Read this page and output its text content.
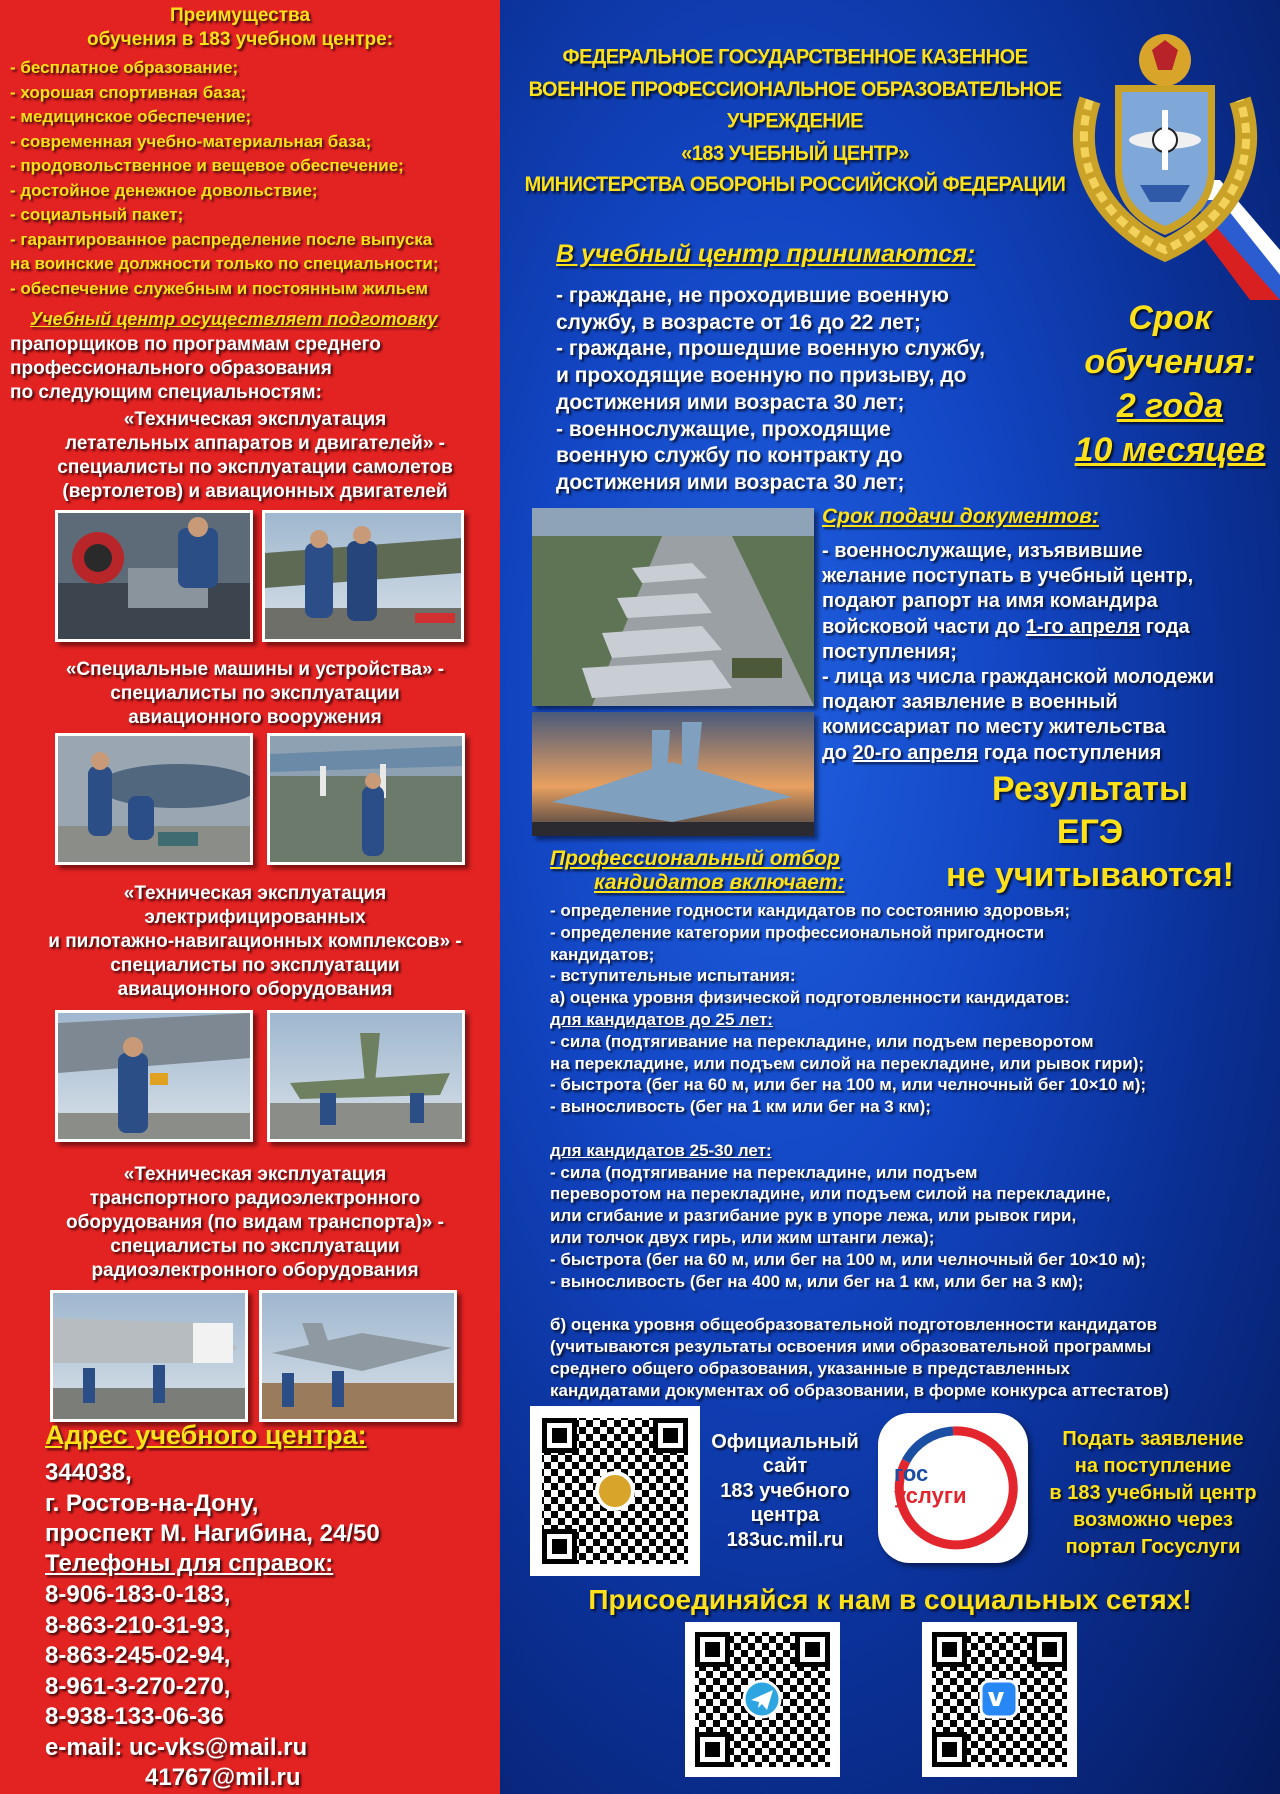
Преимущества
обучения в 183 учебном центре:
- бесплатное образование;
- хорошая спортивная база;
- медицинское обеспечение;
- современная учебно-материальная база;
- продовольственное и вещевое обеспечение;
- достойное денежное довольствие;
- социальный пакет;
- гарантированное распределение после выпуска
на воинские должности только по специальности;
- обеспечение служебным и постоянным жильем
Учебный центр осуществляет подготовку
прапорщиков по программам среднего
профессионального образования
по следующим специальностям:
«Техническая эксплуатация
летательных аппаратов и двигателей» -
специалисты по эксплуатации самолетов
(вертолетов) и авиационных двигателей
«Специальные машины и устройства» -
специалисты по эксплуатации
авиационного вооружения
«Техническая эксплуатация
электрифицированных
и пилотажно-навигационных комплексов» -
специалисты по эксплуатации
авиационного оборудования
«Техническая эксплуатация
транспортного радиоэлектронного
оборудования (по видам транспорта)» -
специалисты по эксплуатации
радиоэлектронного оборудования
Адрес учебного центра:
344038,
г. Ростов-на-Дону,
проспект М. Нагибина, 24/50
Телефоны для справок:
8-906-183-0-183,
8-863-210-31-93,
8-863-245-02-94,
8-961-3-270-270,
8-938-133-06-36
e-mail: uc-vks@mail.ru
41767@mil.ru
ФЕДЕРАЛЬНОЕ ГОСУДАРСТВЕННОЕ КАЗЕННОЕ
ВОЕННОЕ ПРОФЕССИОНАЛЬНОЕ ОБРАЗОВАТЕЛЬНОЕ УЧРЕЖДЕНИЕ
«183 УЧЕБНЫЙ ЦЕНТР»
МИНИСТЕРСТВА ОБОРОНЫ РОССИЙСКОЙ ФЕДЕРАЦИИ
В учебный центр принимаются:
- граждане, не проходившие военную
службу, в возрасте от 16 до 22 лет;
- граждане, прошедшие военную службу,
и проходящие военную по призыву, до
достижения ими возраста 30 лет;
- военнослужащие, проходящие
военную службу по контракту до
достижения ими возраста 30 лет;
Срок
обучения:
2 года
10 месяцев
Срок подачи документов:
- военнослужащие, изъявившие
желание поступать в учебный центр,
подают рапорт на имя командира
войсковой части до 1-го апреля года
поступления;
- лица из числа гражданской молодежи
подают заявление в военный
комиссариат по месту жительства
до 20-го апреля года поступления
Результаты
ЕГЭ
не учитываются!
Профессиональный отбор
кандидатов включает:
- определение годности кандидатов по состоянию здоровья;
- определение категории профессиональной пригодности
кандидатов;
- вступительные испытания:
а) оценка уровня физической подготовленности кандидатов:
для кандидатов до 25 лет:
- сила (подтягивание на перекладине, или подъем переворотом
на перекладине, или подъем силой на перекладине, или рывок гири);
- быстрота (бег на 60 м, или бег на 100 м, или челночный бег 10×10 м);
- выносливость (бег на 1 км или бег на 3 км);

для кандидатов 25-30 лет:
- сила (подтягивание на перекладине, или подъем
переворотом на перекладине, или подъем силой на перекладине,
или сгибание и разгибание рук в упоре лежа, или рывок гири,
или толчок двух гирь, или жим штанги лежа);
- быстрота (бег на 60 м, или бег на 100 м, или челночный бег 10×10 м);
- выносливость (бег на 400 м, или бег на 1 км, или бег на 3 км);

б) оценка уровня общеобразовательной подготовленности кандидатов
(учитываются результаты освоения ими образовательной программы
среднего общего образования, указанные в представленных
кандидатами документах об образовании, в форме конкурса аттестатов)
Официальный
сайт
183 учебного
центра
183uc.mil.ru
гос
услуги
Подать заявление
на поступление
в 183 учебный центр
возможно через
портал Госуслуги
Присоединяйся к нам в социальных сетях!
